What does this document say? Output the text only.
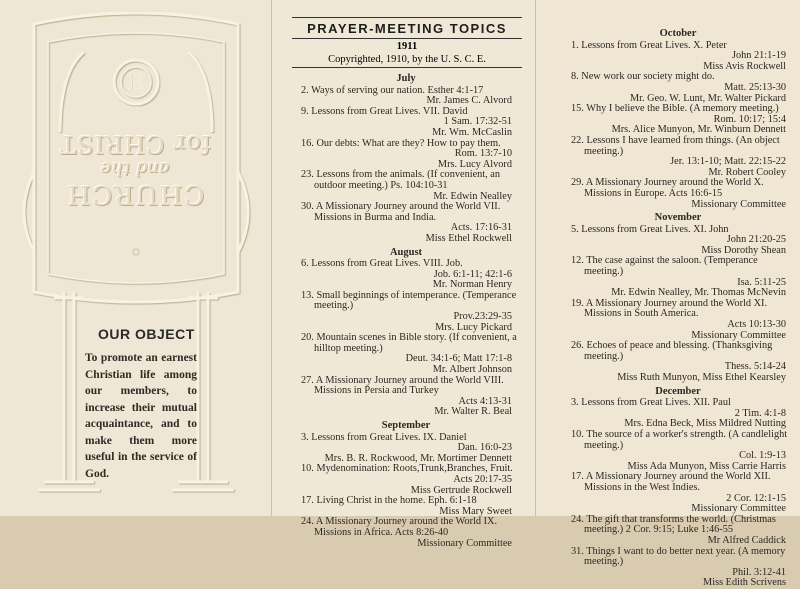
E
CHURCH
and the
for CHRIST
OUR OBJECT
To promote an earnest Christian life among our members, to increase their mutual acquaintance, and to make them more useful in the service of God.
PRAYER-MEETING TOPICS
1911
Copyrighted, 1910, by the U. S. C. E.
July
2. Ways of serving our nation. Esther 4:1-17
Mr. James C. Alvord
9. Lessons from Great Lives. VII. David
1 Sam. 17:32-51
Mr. Wm. McCaslin
16. Our debts: What are they? How to pay them.
Rom. 13:7-10
Mrs. Lucy Alvord
23. Lessons from the animals. (If convenient, an outdoor meeting.) Ps. 104:10-31
Mr. Edwin Nealley
30. A Missionary Journey around the World VII. Missions in Burma and India.
Acts. 17:16-31
Miss Ethel Rockwell
August
6. Lessons from Great Lives. VIII. Job.
Job. 6:1-11; 42:1-6
Mr. Norman Henry
13. Small beginnings of intemperance. (Temperance meeting.)
Prov.23:29-35
Mrs. Lucy Pickard
20. Mountain scenes in Bible story. (If convenient, a hilltop meeting.)
Deut. 34:1-6; Matt 17:1-8
Mr. Albert Johnson
27. A Missionary Journey around the World VIII. Missions in Persia and Turkey
Acts 4:13-31
Mr. Walter R. Beal
September
3. Lessons from Great Lives. IX. Daniel
Dan. 16:0-23
Mrs. B. R. Rockwood, Mr. Mortimer Dennett
10. Mydenomination: Roots,Trunk,Branches, Fruit.
Acts 20:17-35
Miss Gertrude Rockwell
17. Living Christ in the home. Eph. 6:1-18
Miss Mary Sweet
24. A Missionary Journey around the World IX. Missions in Africa. Acts 8:26-40
Missionary Committee
October
1. Lessons from Great Lives. X. Peter
John 21:1-19
Miss Avis Rockwell
8. New work our society might do.
Matt. 25:13-30
Mr. Geo. W. Lunt, Mr. Walter Pickard
15. Why I believe the Bible. (A memory meeting.)
Rom. 10:17; 15:4
Mrs. Alice Munyon, Mr. Winburn Dennett
22. Lessons I have learned from things. (An object meeting.)
Jer. 13:1-10; Matt. 22:15-22
Mr. Robert Cooley
29. A Missionary Journey around the World X. Missions in Europe. Acts 16:6-15
Missionary Committee
November
5. Lessons from Great Lives. XI. John
John 21:20-25
Miss Dorothy Shean
12. The case against the saloon. (Temperance meeting.)
Isa. 5:11-25
Mr. Edwin Nealley, Mr. Thomas McNevin
19. A Missionary Journey around the World XI. Missions in South America.
Acts 10:13-30
Missionary Committee
26. Echoes of peace and blessing. (Thanksgiving meeting.)
Thess. 5:14-24
Miss Ruth Munyon, Miss Ethel Kearsley
December
3. Lessons from Great Lives. XII. Paul
2 Tim. 4:1-8
Mrs. Edna Beck, Miss Mildred Nutting
10. The source of a worker's strength. (A candlelight meeting.)
Col. 1:9-13
Miss Ada Munyon, Miss Carrie Harris
17. A Missionary Journey around the World XII. Missions in the West Indies.
2 Cor. 12:1-15
Missionary Committee
24. The gift that transforms the world. (Christmas meeting.) 2 Cor. 9:15; Luke 1:46-55
Mr Alfred Caddick
31. Things I want to do better next year. (A memory meeting.)
Phil. 3:12-41
Miss Edith Scrivens
